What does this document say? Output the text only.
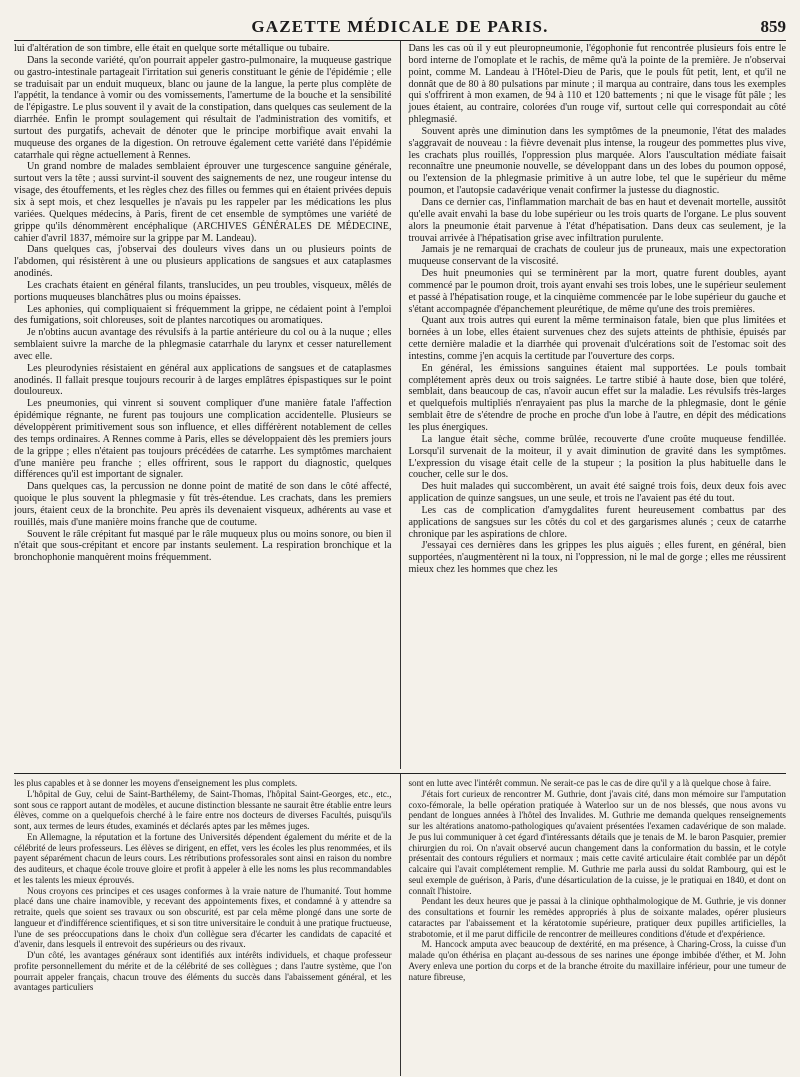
GAZETTE MÉDICALE DE PARIS.	859

lui d'altération de son timbre, elle était en quelque sorte métallique ou tubaire.

Dans la seconde variété, qu'on pourrait appeler gastro-pulmonaire, la muqueuse gastrique ou gastro-intestinale partageait l'irritation sui generis constituant le génie de l'épidémie ; elle se traduisait par un enduit muqueux, blanc ou jaune de la langue, la perte plus complète de l'appétit, la tendance à vomir ou des vomissements, l'amertume de la bouche et la sensibilité de l'épigastre. Le plus souvent il y avait de la constipation, dans quelques cas seulement de la diarrhée. Enfin le prompt soulagement qui résultait de l'administration des vomitifs, et surtout des purgatifs, achevait de dénoter que le principe morbifique avait envahi la muqueuse des organes de la digestion. On retrouve également cette variété dans l'épidémie catarrhale qui règne actuellement à Rennes.

Un grand nombre de malades semblaient éprouver une turgescence sanguine générale, surtout vers la tête ; aussi survint-il souvent des saignements de nez, une rougeur intense du visage, des étouffements, et les règles chez des filles ou femmes qui en étaient privées depuis six à sept mois, et chez lesquelles je n'avais pu les rappeler par les médications les plus variées. Quelques médecins, à Paris, firent de cet ensemble de symptômes une variété de grippe qu'ils dénommèrent encéphalique (ARCHIVES GÉNÉRALES DE MÉDECINE, cahier d'avril 1837, mémoire sur la grippe par M. Landeau).

Dans quelques cas, j'observai des douleurs vives dans un ou plusieurs points de l'abdomen, qui résistèrent à une ou plusieurs applications de sangsues et aux cataplasmes anodinés.

Les crachats étaient en général filants, translucides, un peu troubles, visqueux, mêlés de portions muqueuses blanchâtres plus ou moins épaisses.

Les aphonies, qui compliquaient si fréquemment la grippe, ne cédaient point à l'emploi des fumigations, soit chloreuses, soit de plantes narcotiques ou aromatiques.

Je n'obtins aucun avantage des révulsifs à la partie antérieure du col ou à la nuque ; elles semblaient suivre la marche de la phlegmasie catarrhale du larynx et cesser naturellement avec elle.

Les pleurodynies résistaient en général aux applications de sangsues et de cataplasmes anodinés. Il fallait presque toujours recourir à de larges emplâtres épispastiques sur le point douloureux.

Les pneumonies, qui vinrent si souvent compliquer d'une manière fatale l'affection épidémique régnante, ne furent pas toujours une complication accidentelle. Plusieurs se développèrent primitivement sous son influence, et elles différèrent notablement de celles des temps ordinaires. A Rennes comme à Paris, elles se développaient dès les premiers jours de la grippe ; elles n'étaient pas toujours précédées de catarrhe. Les symptômes marchaient d'une manière peu franche ; elles offrirent, sous le rapport du diagnostic, quelques différences qu'il est important de signaler.

Dans quelques cas, la percussion ne donne point de matité de son dans le côté affecté, quoique le plus souvent la phlegmasie y fût très-étendue. Les crachats, dans les premiers jours, étaient ceux de la bronchite. Peu après ils devenaient visqueux, adhérents au vase et rouillés, mais d'une manière moins franche que de coutume.

Souvent le râle crépitant fut masqué par le râle muqueux plus ou moins sonore, ou bien il n'était que sous-crépitant et encore par instants seulement. La respiration bronchique et la bronchophonie manquèrent moins fréquemment.

Dans les cas où il y eut pleuropneumonie, l'égophonie fut rencontrée plusieurs fois entre le bord interne de l'omoplate et le rachis, de même qu'à la pointe de la première. Je n'observai point, comme M. Landeau à l'Hôtel-Dieu de Paris, que le pouls fût petit, lent, et qu'il ne donnât que de 80 à 80 pulsations par minute ; il marqua au contraire, dans tous les exemples qui s'offrirent à mon examen, de 94 à 110 et 120 battements ; ni que le visage fût pâle ; les joues étaient, au contraire, colorées d'un rouge vif, surtout celle qui correspondait au côté phlegmasié.

Souvent après une diminution dans les symptômes de la pneumonie, l'état des malades s'aggravait de nouveau : la fièvre devenait plus intense, la rougeur des pommettes plus vive, les crachats plus rouillés, l'oppression plus marquée. Alors l'auscultation médiate faisait reconnaître une pneumonie nouvelle, se développant dans un des lobes du poumon opposé, ou l'extension de la phlegmasie primitive à un autre lobe, tel que le supérieur du même poumon, et l'autopsie cadavérique venait confirmer la justesse du diagnostic.

Dans ce dernier cas, l'inflammation marchait de bas en haut et devenait mortelle, aussitôt qu'elle avait envahi la base du lobe supérieur ou les trois quarts de l'organe. Le plus souvent alors la pneumonie était parvenue à l'état d'hépatisation. Dans deux cas seulement, je la trouvai arrivée à l'hépatisation grise avec infiltration purulente.

Jamais je ne remarquai de crachats de couleur jus de pruneaux, mais une expectoration muqueuse conservant de la viscosité.

Des huit pneumonies qui se terminèrent par la mort, quatre furent doubles, ayant commencé par le poumon droit, trois ayant envahi ses trois lobes, une le supérieur seulement et passé à l'hépatisation rouge, et la cinquième commencée par le lobe supérieur du gauche et s'étant accompagnée d'épanchement pleurétique, de même qu'une des trois premières.

Quant aux trois autres qui eurent la même terminaison fatale, bien que plus limitées et bornées à un lobe, elles étaient survenues chez des sujets atteints de phthisie, épuisés par cette dernière maladie et la diarrhée qui provenait d'ulcérations soit de l'estomac soit des intestins, comme j'en acquis la certitude par l'ouverture des corps.

En général, les émissions sanguines étaient mal supportées. Le pouls tombait complétement après deux ou trois saignées. Le tartre stibié à haute dose, bien que toléré, semblait, dans beaucoup de cas, n'avoir aucun effet sur la maladie. Les révulsifs très-larges et quelquefois multipliés n'enrayaient pas plus la marche de la phlegmasie, dont le génie semblait être de s'étendre de proche en proche d'un lobe à l'autre, en dépit des médications les plus énergiques.

La langue était sèche, comme brûlée, recouverte d'une croûte muqueuse fendillée. Lorsqu'il survenait de la moiteur, il y avait diminution de gravité dans les symptômes. L'expression du visage était celle de la stupeur ; la position la plus habituelle dans le coucher, celle sur le dos.

Des huit malades qui succombèrent, un avait été saigné trois fois, deux deux fois avec application de quinze sangsues, un une seule, et trois ne l'avaient pas été du tout.

Les cas de complication d'amygdalites furent heureusement combattus par des applications de sangsues sur les côtés du col et des gargarismes alunés ; ceux de catarrhe chronique par les aspirations de chlore.

J'essayai ces dernières dans les grippes les plus aiguës ; elles furent, en général, bien supportées, n'augmentèrent ni la toux, ni l'oppression, ni le mal de gorge ; elles me réussirent mieux chez les hommes que chez les

les plus capables et à se donner les moyens d'enseignement les plus complets.

L'hôpital de Guy, celui de Saint-Barthélemy, de Saint-Thomas, l'hôpital Saint-Georges, etc., etc., sont sous ce rapport autant de modèles, et aucune distinction blessante ne saurait être établie entre leurs élèves, comme on a quelquefois cherché à le faire entre nos docteurs de diverses Facultés, puisqu'ils sont, aux termes de leurs études, examinés et déclarés aptes par les mêmes juges.

En Allemagne, la réputation et la fortune des Universités dépendent également du mérite et de la célébrité de leurs professeurs. Les élèves se dirigent, en effet, vers les écoles les plus renommées, et ils payent séparément chacun de leurs cours. Les rétributions professorales sont ainsi en raison du nombre des auditeurs, et chaque école trouve gloire et profit à appeler à elle les noms les plus recommandables et les talents les mieux éprouvés.

Nous croyons ces principes et ces usages conformes à la vraie nature de l'humanité. Tout homme placé dans une chaire inamovible, y recevant des appointements fixes, et condamné à y attendre sa retraite, quels que soient ses travaux ou son obscurité, est par cela même plongé dans une sorte de langueur et d'indifférence scientifiques, et si son titre universitaire le conduit à une pratique fructueuse, l'une de ses préoccupations dans le choix d'un collègue sera d'écarter les candidats de capacité et d'avenir, dans lesquels il entrevoit des supérieurs ou des rivaux.

D'un côté, les avantages généraux sont identifiés aux intérêts individuels, et chaque professeur profite personnellement du mérite et de la célébrité de ses collègues ; dans l'autre système, que l'on pourrait appeler français, chacun trouve des éléments du succès dans l'abaissement général, et les avantages particuliers

sont en lutte avec l'intérêt commun. Ne serait-ce pas le cas de dire qu'il y a là quelque chose à faire.

J'étais fort curieux de rencontrer M. Guthrie, dont j'avais cité, dans mon mémoire sur l'amputation coxo-fémorale, la belle opération pratiquée à Waterloo sur un de nos blessés, que nous avons vu pendant de longues années à l'hôtel des Invalides. M. Guthrie me demanda quelques renseignements sur les altérations anatomo-pathologiques qu'avaient présentées l'examen cadavérique de son malade. Je pus lui communiquer à cet égard d'intéressants détails que je tenais de M. le baron Pasquier, premier chirurgien du roi. On n'avait observé aucun changement dans la conformation du bassin, et le cotyle présentait des contours réguliers et normaux ; mais cette cavité articulaire était comblée par un dépôt calcaire qui l'avait complétement remplie. M. Guthrie me parla aussi du soldat Rambourg, qui est le seul exemple de guérison, à Paris, d'une désarticulation de la cuisse, je le pratiquai en 1840, et dont on connaît l'histoire.

Pendant les deux heures que je passai à la clinique ophthalmologique de M. Guthrie, je vis donner des consultations et fournir les remèdes appropriés à plus de soixante malades, opérer plusieurs cataractes par l'abaissement et la kératotomie supérieure, pratiquer deux pupilles artificielles, la strabotomie, et il me parut difficile de rencontrer de meilleures conditions d'étude et d'expérience.

M. Hancock amputa avec beaucoup de dextérité, en ma présence, à Charing-Cross, la cuisse d'un malade qu'on éthérisa en plaçant au-dessous de ses narines une éponge imbibée d'éther, et M. John Avery enleva une portion du corps et de la branche étroite du maxillaire inférieur, pour une tumeur de nature fibreuse,
